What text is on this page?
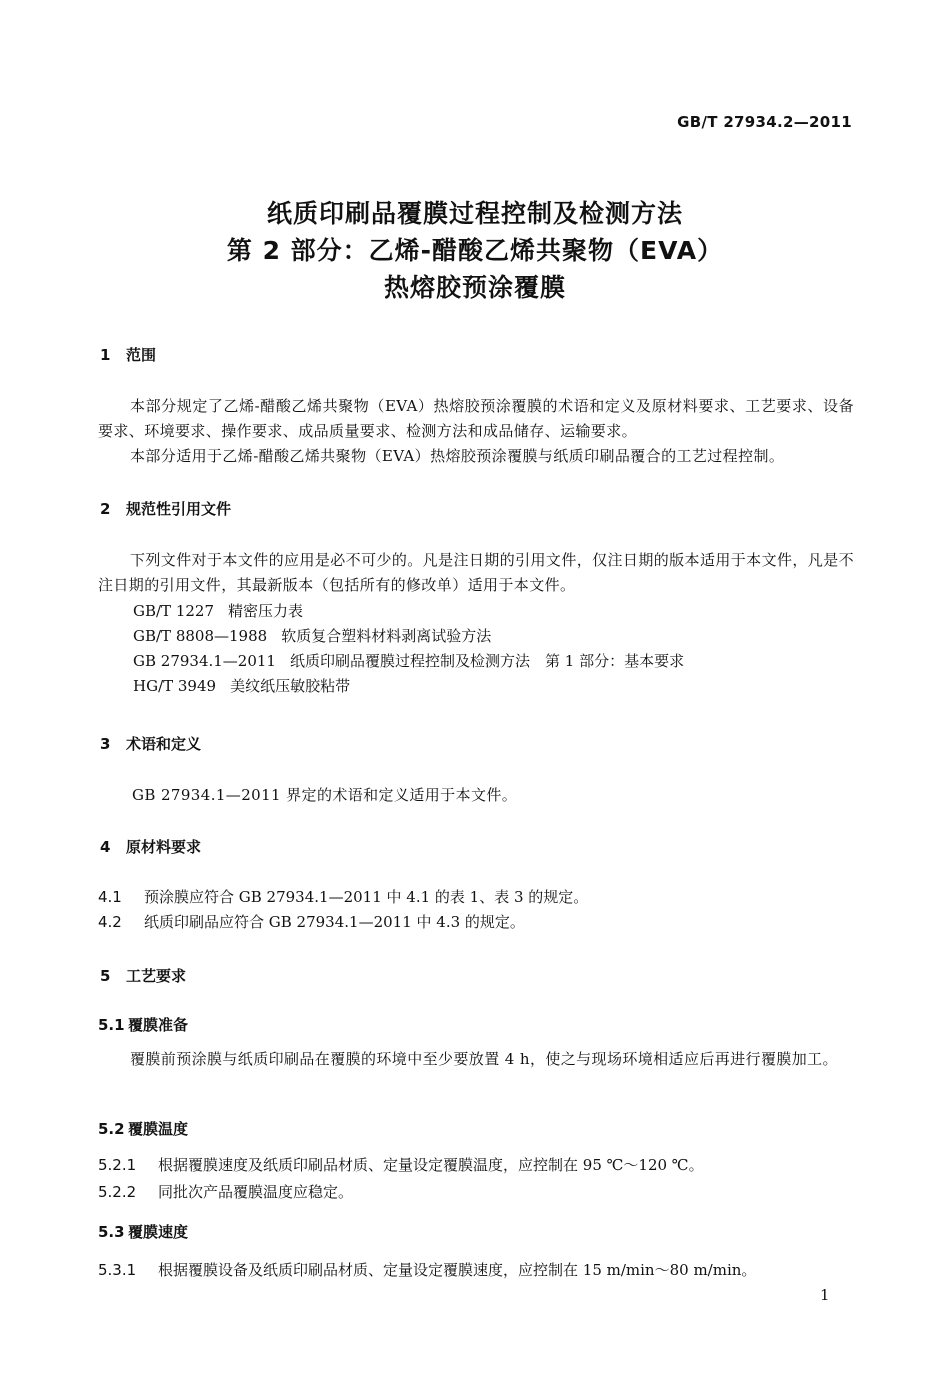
GB/T 27934.2—2011
纸质印刷品覆膜过程控制及检测方法
第 2 部分：乙烯-醋酸乙烯共聚物（EVA）
热熔胶预涂覆膜
1 范围
本部分规定了乙烯-醋酸乙烯共聚物（EVA）热熔胶预涂覆膜的术语和定义及原材料要求、工艺要求、设备要求、环境要求、操作要求、成品质量要求、检测方法和成品储存、运输要求。
本部分适用于乙烯-醋酸乙烯共聚物（EVA）热熔胶预涂覆膜与纸质印刷品覆合的工艺过程控制。
2 规范性引用文件
下列文件对于本文件的应用是必不可少的。凡是注日期的引用文件，仅注日期的版本适用于本文件，凡是不注日期的引用文件，其最新版本（包括所有的修改单）适用于本文件。
GB/T 1227 精密压力表
GB/T 8808—1988 软质复合塑料材料剥离试验方法
GB 27934.1—2011 纸质印刷品覆膜过程控制及检测方法　第 1 部分：基本要求
HG/T 3949 美纹纸压敏胶粘带
3 术语和定义
GB 27934.1—2011 界定的术语和定义适用于本文件。
4 原材料要求
4.1 预涂膜应符合 GB 27934.1—2011 中 4.1 的表 1、表 3 的规定。
4.2 纸质印刷品应符合 GB 27934.1—2011 中 4.3 的规定。
5 工艺要求
5.1 覆膜准备
覆膜前预涂膜与纸质印刷品在覆膜的环境中至少要放置 4 h，使之与现场环境相适应后再进行覆膜加工。
5.2 覆膜温度
5.2.1 根据覆膜速度及纸质印刷品材质、定量设定覆膜温度，应控制在 95 ℃～120 ℃。
5.2.2 同批次产品覆膜温度应稳定。
5.3 覆膜速度
5.3.1 根据覆膜设备及纸质印刷品材质、定量设定覆膜速度，应控制在 15 m/min～80 m/min。
1
